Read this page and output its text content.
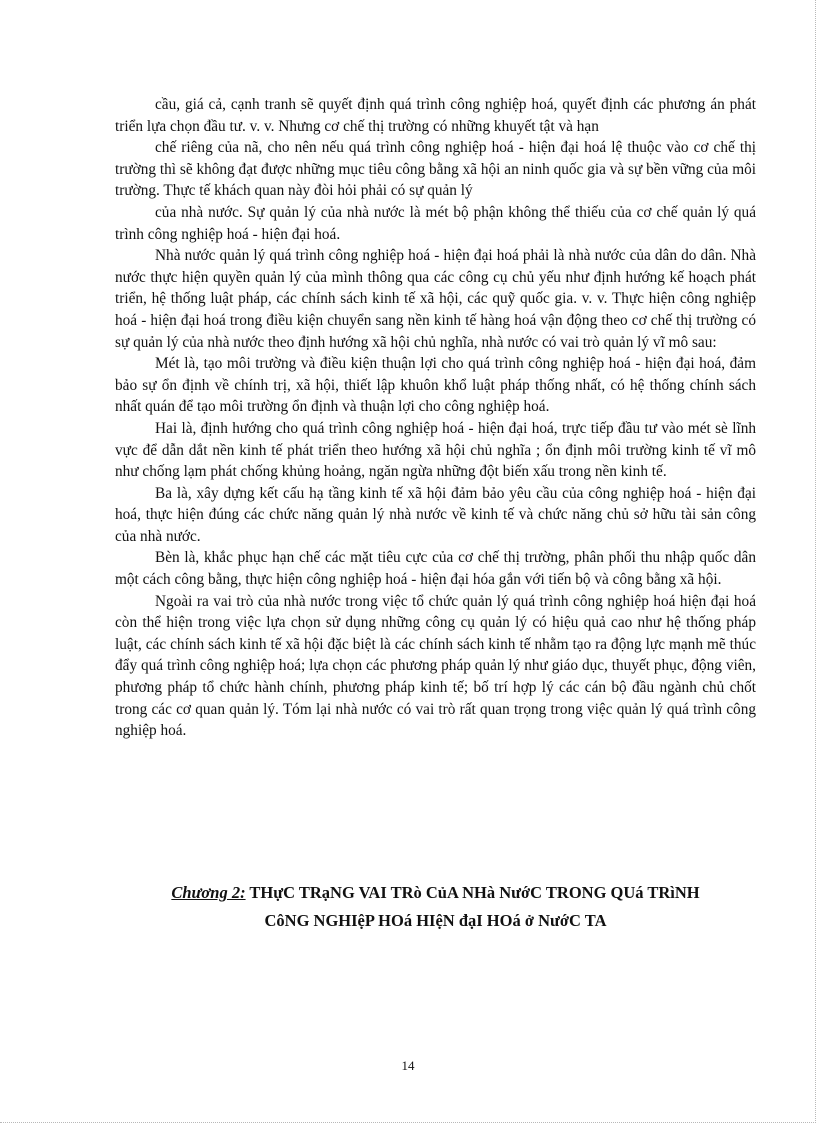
cầu, giá cả, cạnh tranh sẽ quyết định quá trình công nghiệp hoá, quyết định các phương án phát triển lựa chọn đầu tư. v. v. Nhưng cơ chế thị trường có những khuyết tật và hạn

chế riêng của nã, cho nên nếu quá trình công nghiệp hoá - hiện đại hoá lệ thuộc vào cơ chế thị trường thì sẽ không đạt được những mục tiêu công bằng xã hội an ninh quốc gia và sự bền vững của môi trường. Thực tế khách quan này đòi hỏi phải có sự quản lý

của nhà nước. Sự quản lý của nhà nước là mét bộ phận không thể thiếu của cơ chế quản lý quá trình công nghiệp hoá - hiện đại hoá.

Nhà nước quản lý quá trình công nghiệp hoá - hiện đại hoá phải là nhà nước của dân do dân. Nhà nước thực hiện quyền quản lý của mình thông qua các công cụ chủ yếu như định hướng kế hoạch phát triển, hệ thống luật pháp, các chính sách kinh tế xã hội, các quỹ quốc gia. v. v. Thực hiện công nghiệp hoá - hiện đại hoá trong điều kiện chuyển sang nền kinh tế hàng hoá vận động theo cơ chế thị trường có sự quản lý của nhà nước theo định hướng xã hội chủ nghĩa, nhà nước có vai trò quản lý vĩ mô sau:

Mét là, tạo môi trường và điều kiện thuận lợi cho quá trình công nghiệp hoá - hiện đại hoá, đảm bảo sự ổn định về chính trị, xã hội, thiết lập khuôn khổ luật pháp thống nhất, có hệ thống chính sách nhất quán để tạo môi trường ổn định và thuận lợi cho công nghiệp hoá.

Hai là, định hướng cho quá trình công nghiệp hoá - hiện đại hoá, trực tiếp đầu tư vào mét sè lĩnh vực để dẫn dắt nền kinh tế phát triển theo hướng xã hội chủ nghĩa ; ổn định môi trường kinh tế vĩ mô như chống lạm phát chống khủng hoảng, ngăn ngừa những đột biến xấu trong nền kinh tế.

Ba là, xây dựng kết cấu hạ tầng kinh tế xã hội đảm bảo yêu cầu của công nghiệp hoá - hiện đại hoá, thực hiện đúng các chức năng quản lý nhà nước về kinh tế và chức năng chủ sở hữu tài sản công của nhà nước.

Bèn là, khắc phục hạn chế các mặt tiêu cực của cơ chế thị trường, phân phối thu nhập quốc dân một cách công bằng, thực hiện công nghiệp hoá - hiện đại hóa gắn với tiến bộ và công bằng xã hội.

Ngoài ra vai trò của nhà nước trong việc tổ chức quản lý quá trình công nghiệp hoá hiện đại hoá còn thể hiện trong việc lựa chọn sử dụng những công cụ quản lý có hiệu quả cao như hệ thống pháp luật, các chính sách kinh tế xã hội đặc biệt là các chính sách kinh tế nhằm tạo ra động lực mạnh mẽ thúc đẩy quá trình công nghiệp hoá; lựa chọn các phương pháp quản lý như giáo dục, thuyết phục, động viên, phương pháp tổ chức hành chính, phương pháp kinh tế; bố trí hợp lý các cán bộ đầu ngành chủ chốt trong các cơ quan quản lý. Tóm lại nhà nước có vai trò rất quan trọng trong việc quản lý quá trình công nghiệp hoá.

Chương 2: THựC TRạNG VAI TRò CủA NHà NướC TRONG QUá TRìNH
CôNG NGHIệP HOá HIệN đạI HOá ở NướC TA
14
